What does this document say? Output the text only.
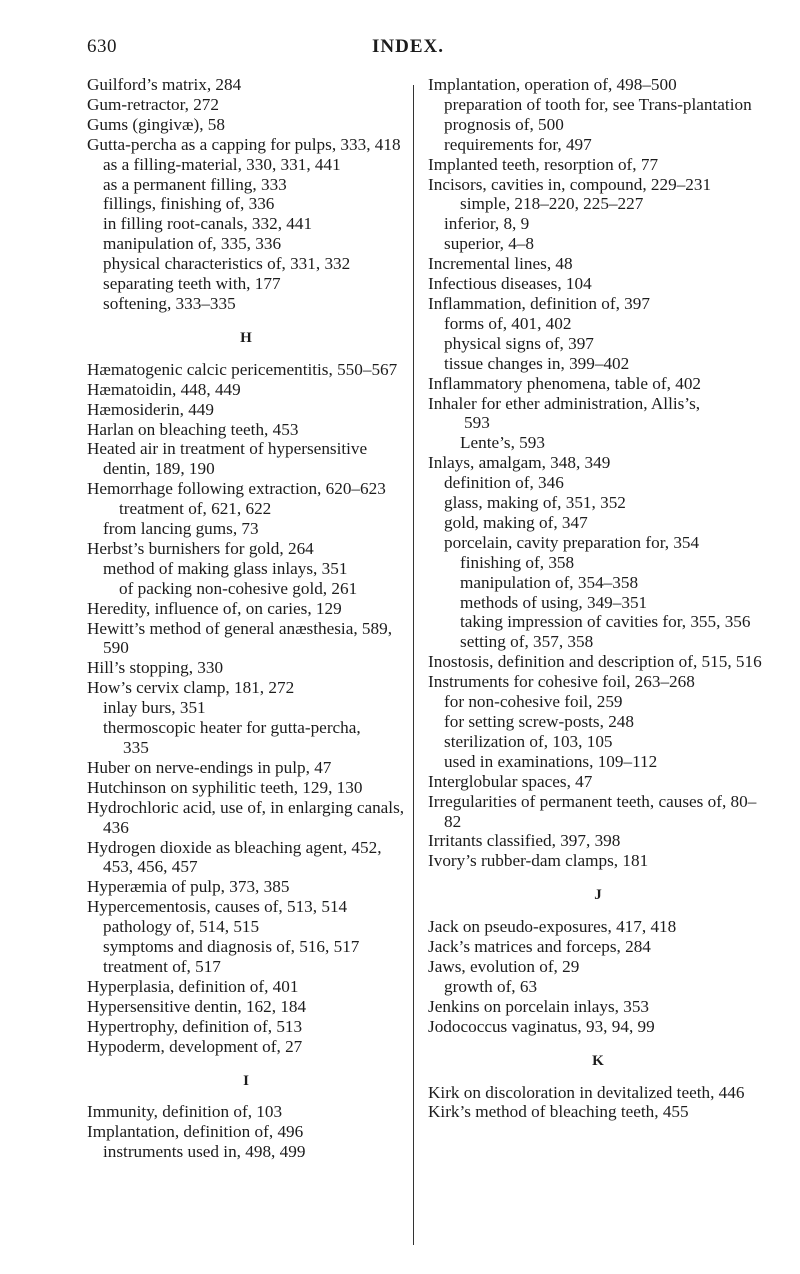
630	INDEX.
Guilford’s matrix, 284
Gum-retractor, 272
Gums (gingivæ), 58
Gutta-percha as a capping for pulps, 333, 418
as a filling-material, 330, 331, 441
as a permanent filling, 333
fillings, finishing of, 336
in filling root-canals, 332, 441
manipulation of, 335, 336
physical characteristics of, 331, 332
separating teeth with, 177
softening, 333–335
H
Hæmatogenic calcic pericementitis, 550–567
Hæmatoidin, 448, 449
Hæmosiderin, 449
Harlan on bleaching teeth, 453
Heated air in treatment of hypersensitive dentin, 189, 190
Hemorrhage following extraction, 620–623
treatment of, 621, 622
from lancing gums, 73
Herbst’s burnishers for gold, 264
method of making glass inlays, 351
of packing non-cohesive gold, 261
Heredity, influence of, on caries, 129
Hewitt’s method of general anæsthesia, 589, 590
Hill’s stopping, 330
How’s cervix clamp, 181, 272
inlay burs, 351
thermoscopic heater for gutta-percha,
335
Huber on nerve-endings in pulp, 47
Hutchinson on syphilitic teeth, 129, 130
Hydrochloric acid, use of, in enlarging canals, 436
Hydrogen dioxide as bleaching agent, 452, 453, 456, 457
Hyperæmia of pulp, 373, 385
Hypercementosis, causes of, 513, 514
pathology of, 514, 515
symptoms and diagnosis of, 516, 517
treatment of, 517
Hyperplasia, definition of, 401
Hypersensitive dentin, 162, 184
Hypertrophy, definition of, 513
Hypoderm, development of, 27
I
Immunity, definition of, 103
Implantation, definition of, 496
instruments used in, 498, 499
Implantation, operation of, 498–500
preparation of tooth for, see Trans-plantation
prognosis of, 500
requirements for, 497
Implanted teeth, resorption of, 77
Incisors, cavities in, compound, 229–231
simple, 218–220, 225–227
inferior, 8, 9
superior, 4–8
Incremental lines, 48
Infectious diseases, 104
Inflammation, definition of, 397
forms of, 401, 402
physical signs of, 397
tissue changes in, 399–402
Inflammatory phenomena, table of, 402
Inhaler for ether administration, Allis’s,
593
Lente’s, 593
Inlays, amalgam, 348, 349
definition of, 346
glass, making of, 351, 352
gold, making of, 347
porcelain, cavity preparation for, 354
finishing of, 358
manipulation of, 354–358
methods of using, 349–351
taking impression of cavities for, 355, 356
setting of, 357, 358
Inostosis, definition and description of, 515, 516
Instruments for cohesive foil, 263–268
for non-cohesive foil, 259
for setting screw-posts, 248
sterilization of, 103, 105
used in examinations, 109–112
Interglobular spaces, 47
Irregularities of permanent teeth, causes of, 80–82
Irritants classified, 397, 398
Ivory’s rubber-dam clamps, 181
J
Jack on pseudo-exposures, 417, 418
Jack’s matrices and forceps, 284
Jaws, evolution of, 29
growth of, 63
Jenkins on porcelain inlays, 353
Jodococcus vaginatus, 93, 94, 99
K
Kirk on discoloration in devitalized teeth, 446
Kirk’s method of bleaching teeth, 455
